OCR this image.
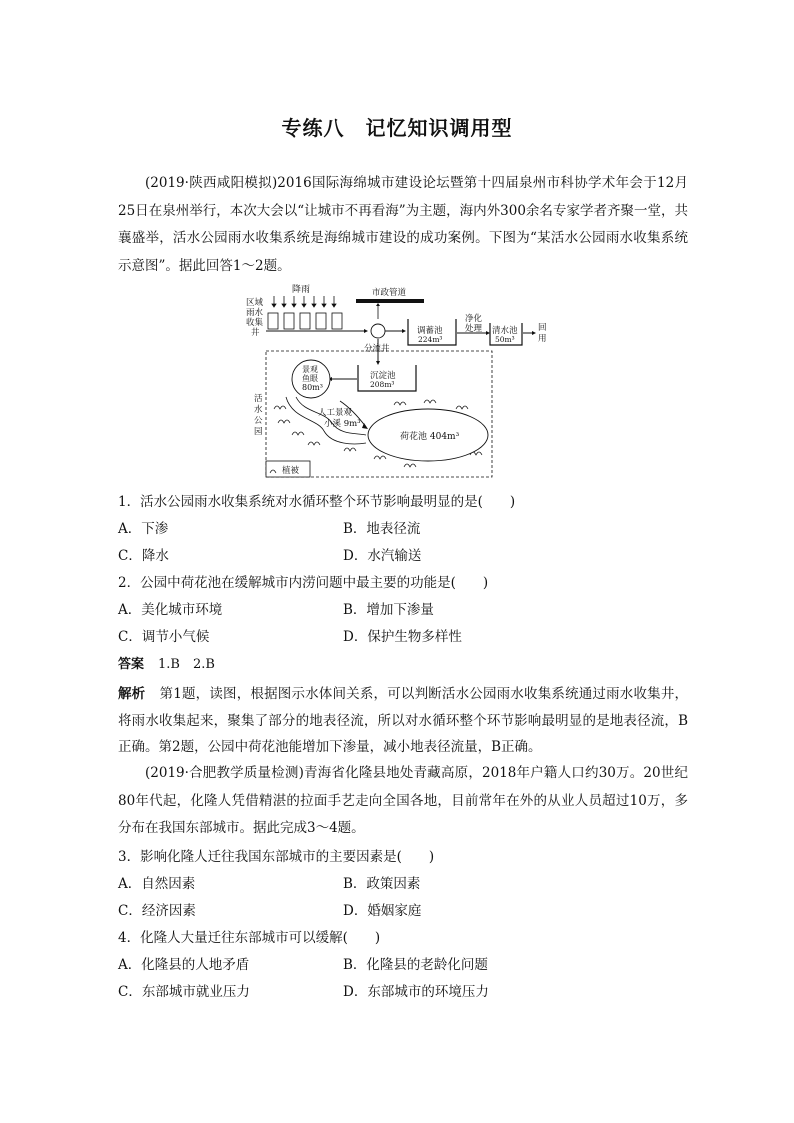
专练八　记忆知识调用型
(2019·陕西咸阳模拟)2016国际海绵城市建设论坛暨第十四届泉州市科协学术年会于12月25日在泉州举行，本次大会以“让城市不再看海”为主题，海内外300余名专家学者齐聚一堂，共襄盛举，活水公园雨水收集系统是海绵城市建设的成功案例。下图为“某活水公园雨水收集系统示意图”。据此回答1～2题。
降雨
区域 雨水 收集 井
市政管道
分流井
调蓄池
224m³
净化 处理	清水池
50m³
回 用
活 水 公 园
沉淀池
208m³
景观 鱼眼 80m³
人工景观 小溪 9m³
荷花池 404m³
植被
1．活水公园雨水收集系统对水循环整个环节影响最明显的是(　　)
A．下渗	B．地表径流
C．降水	D．水汽输送
2．公园中荷花池在缓解城市内涝问题中最主要的功能是(　　)
A．美化城市环境	B．增加下渗量
C．调节小气候	D．保护生物多样性
答案 1.B　2.B
解析 第1题，读图，根据图示水体间关系，可以判断活水公园雨水收集系统通过雨水收集井，将雨水收集起来，聚集了部分的地表径流，所以对水循环整个环节影响最明显的是地表径流，B正确。第2题，公园中荷花池能增加下渗量，减小地表径流量，B正确。
(2019·合肥教学质量检测)青海省化隆县地处青藏高原，2018年户籍人口约30万。20世纪80年代起，化隆人凭借精湛的拉面手艺走向全国各地，目前常年在外的从业人员超过10万，多分布在我国东部城市。据此完成3～4题。
3．影响化隆人迁往我国东部城市的主要因素是(　　)
A．自然因素	B．政策因素
C．经济因素	D．婚姻家庭
4．化隆人大量迁往东部城市可以缓解(　　)
A．化隆县的人地矛盾	B．化隆县的老龄化问题
C．东部城市就业压力	D．东部城市的环境压力
